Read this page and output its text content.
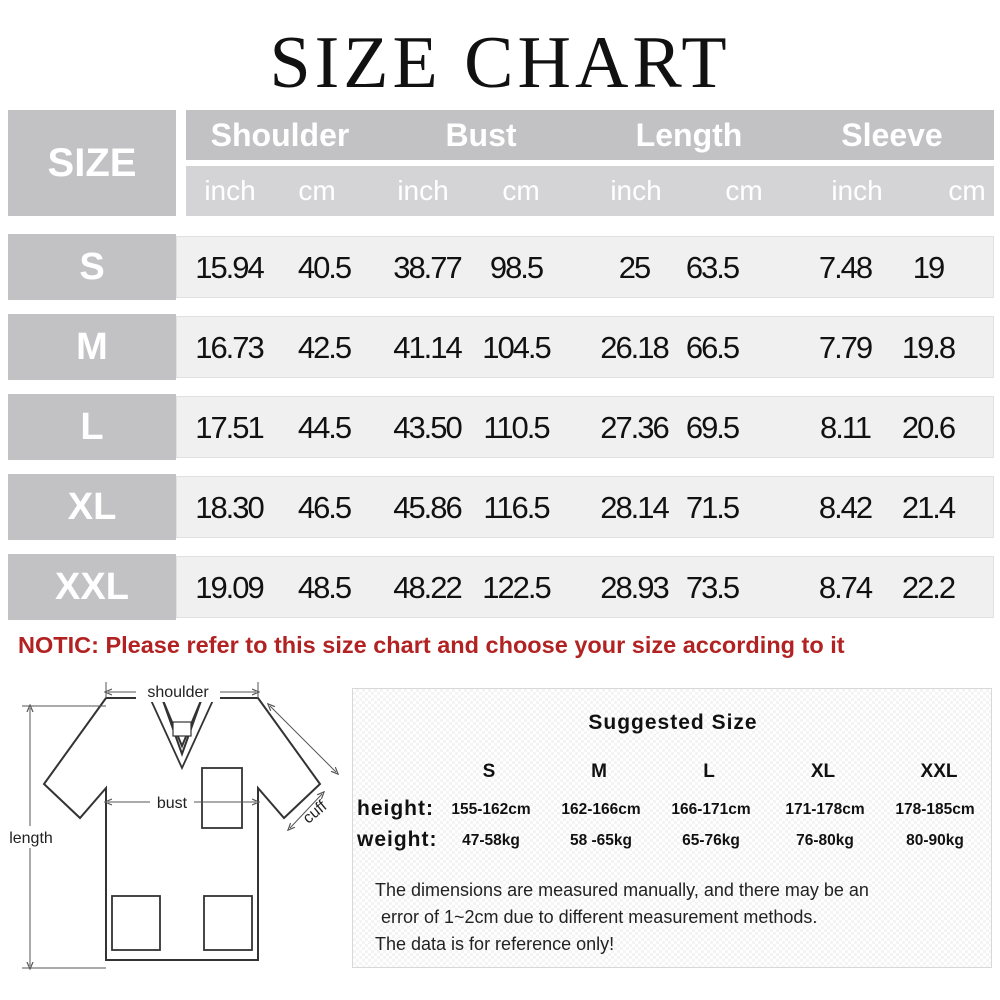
SIZE CHART
SIZE
Shoulder	Bust	Length	Sleeve
inch	cm	inch	cm	inch	cm	inch	cm
S	15.94	40.5	38.77 98.5	25	63.5	7.48	19
M	16.73	42.5	41.14 104.5	26.18 66.5	7.79 19.8
L	17.51	44.5	43.50 110.5	27.36 69.5	8.11	20.6
XL	18.30	46.5	45.86 116.5	28.14 71.5	8.42 21.4
XXL	19.09	48.5	48.22 122.5	28.93 73.5	8.74 22.2
NOTIC: Please refer to this size chart and choose your size according to it
shoulder
bust	cuff
length
Suggested Size
S	M	L	XL	XXL
height:	155-162cm	162-166cm	166-171cm	171-178cm	178-185cm
weight:	47-58kg	58 -65kg	65-76kg	76-80kg	80-90kg
The dimensions are measured manually, and there may be an
error of 1~2cm due to different measurement methods.
The data is for reference only!
